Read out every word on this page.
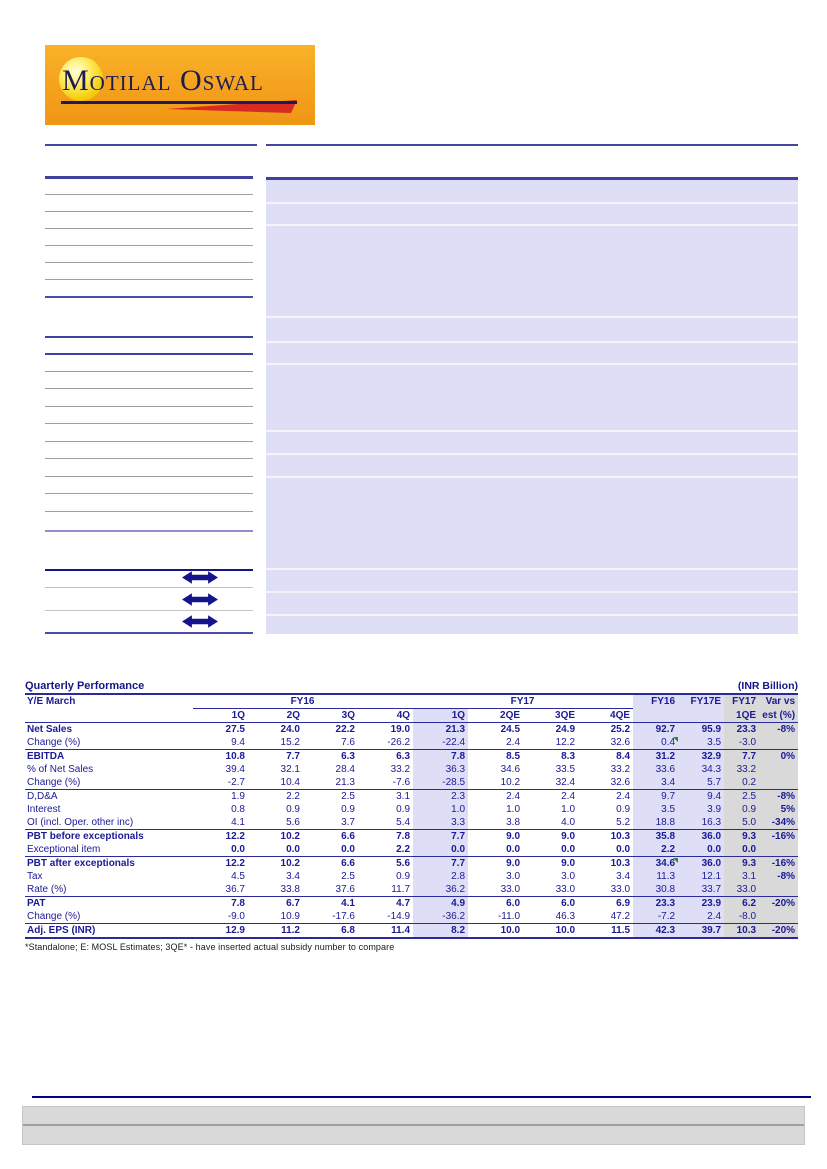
Motilal Oswal
Quarterly Performance	(INR Billion)
Y/E March	FY16				FY17				FY16	FY17E	FY17	Var vs
	1Q	2Q	3Q	4Q	1Q	2QE	3QE	4QE			1QE	est (%)
Net Sales	27.5	24.0	22.2	19.0	21.3	24.5	24.9	25.2	92.7	95.9	23.3	-8%
Change (%)	9.4	15.2	7.6	-26.2	-22.4	2.4	12.2	32.6	0.4	3.5	-3.0	
EBITDA	10.8	7.7	6.3	6.3	7.8	8.5	8.3	8.4	31.2	32.9	7.7	0%
% of Net Sales	39.4	32.1	28.4	33.2	36.3	34.6	33.5	33.2	33.6	34.3	33.2	
Change (%)	-2.7	10.4	21.3	-7.6	-28.5	10.2	32.4	32.6	3.4	5.7	0.2	
D,D&A	1.9	2.2	2.5	3.1	2.3	2.4	2.4	2.4	9.7	9.4	2.5	-8%
Interest	0.8	0.9	0.9	0.9	1.0	1.0	1.0	0.9	3.5	3.9	0.9	5%
OI (incl. Oper. other inc)	4.1	5.6	3.7	5.4	3.3	3.8	4.0	5.2	18.8	16.3	5.0	-34%
PBT before exceptionals	12.2	10.2	6.6	7.8	7.7	9.0	9.0	10.3	35.8	36.0	9.3	-16%
Exceptional item	0.0	0.0	0.0	2.2	0.0	0.0	0.0	0.0	2.2	0.0	0.0	
PBT after exceptionals	12.2	10.2	6.6	5.6	7.7	9.0	9.0	10.3	34.6	36.0	9.3	-16%
Tax	4.5	3.4	2.5	0.9	2.8	3.0	3.0	3.4	11.3	12.1	3.1	-8%
Rate (%)	36.7	33.8	37.6	11.7	36.2	33.0	33.0	33.0	30.8	33.7	33.0	
PAT	7.8	6.7	4.1	4.7	4.9	6.0	6.0	6.9	23.3	23.9	6.2	-20%
Change (%)	-9.0	10.9	-17.6	-14.9	-36.2	-11.0	46.3	47.2	-7.2	2.4	-8.0	
Adj. EPS (INR)	12.9	11.2	6.8	11.4	8.2	10.0	10.0	11.5	42.3	39.7	10.3	-20%
*Standalone; E: MOSL Estimates; 3QE* - have inserted actual subsidy number to compare
